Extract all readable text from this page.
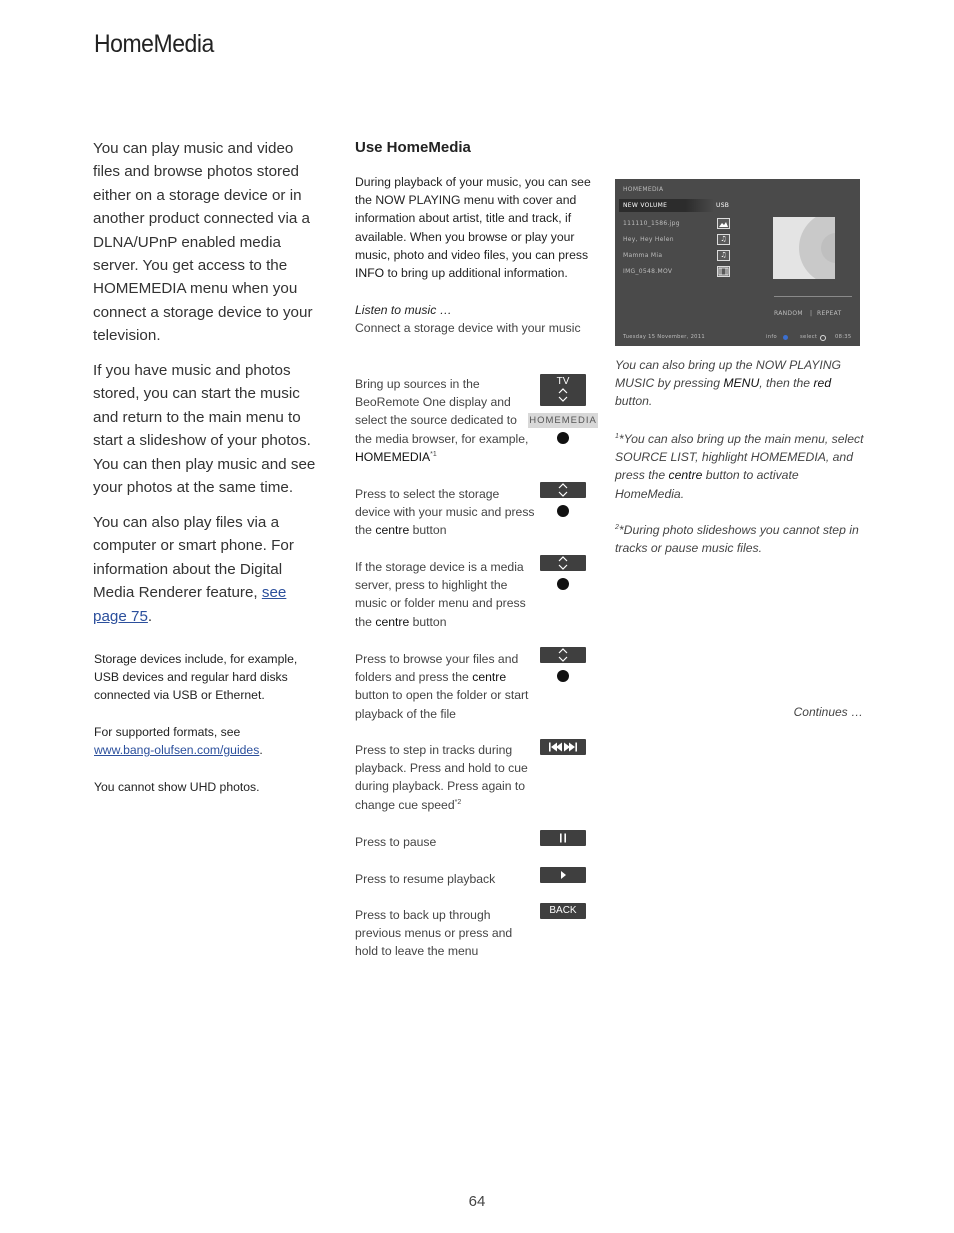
HomeMedia
You can play music and video files and browse photos stored either on a storage device or in another product connected via a DLNA/UPnP enabled media server. You get access to the HOMEMEDIA menu when you connect a storage device to your television.
If you have music and photos stored, you can start the music and return to the main menu to start a slideshow of your photos. You can then play music and see your photos at the same time.
You can also play files via a computer or smart phone. For information about the Digital Media Renderer feature, see page 75.
Storage devices include, for example, USB devices and regular hard disks connected via USB or Ethernet.
For supported formats, see
www.bang-olufsen.com/guides.
You cannot show UHD photos.
Use HomeMedia
During playback of your music, you can see the NOW PLAYING menu with cover and information about artist, title and track, if available. When you browse or play your music, photo and video files, you can press INFO to bring up additional information.
Listen to music …
Connect a storage device with your music
Bring up sources in the BeoRemote One display and select the source dedicated to the media browser, for example, HOMEMEDIA$^{*1}$
Press to select the storage device with your music and press the centre button
If the storage device is a media server, press to highlight the music or folder menu and press the centre button
Press to browse your files and folders and press the centre button to open the folder or start playback of the file
Press to step in tracks during playback. Press and hold to cue during playback. Press again to change cue speed$^{*2}$
Press to pause
Press to resume playback
Press to back up through previous menus or press and hold to leave the menu
TV
HOMEMEDIA
BACK
HOMEMEDIA
NEW VOLUME	USB
111110_1586.jpg
Hey, Hey Helen	♫
Mamma Mia	♫
IMG_0548.MOV
RANDOM | REPEAT
Tuesday 15 November, 2011	info	select	08:35
You can also bring up the NOW PLAYING MUSIC by pressing MENU, then the red button.
$^1$*You can also bring up the main menu, select SOURCE LIST, highlight HOMEMEDIA, and press the centre button to activate HomeMedia.
$^2$*During photo slideshows you cannot step in tracks or pause music files.
Continues …
64
